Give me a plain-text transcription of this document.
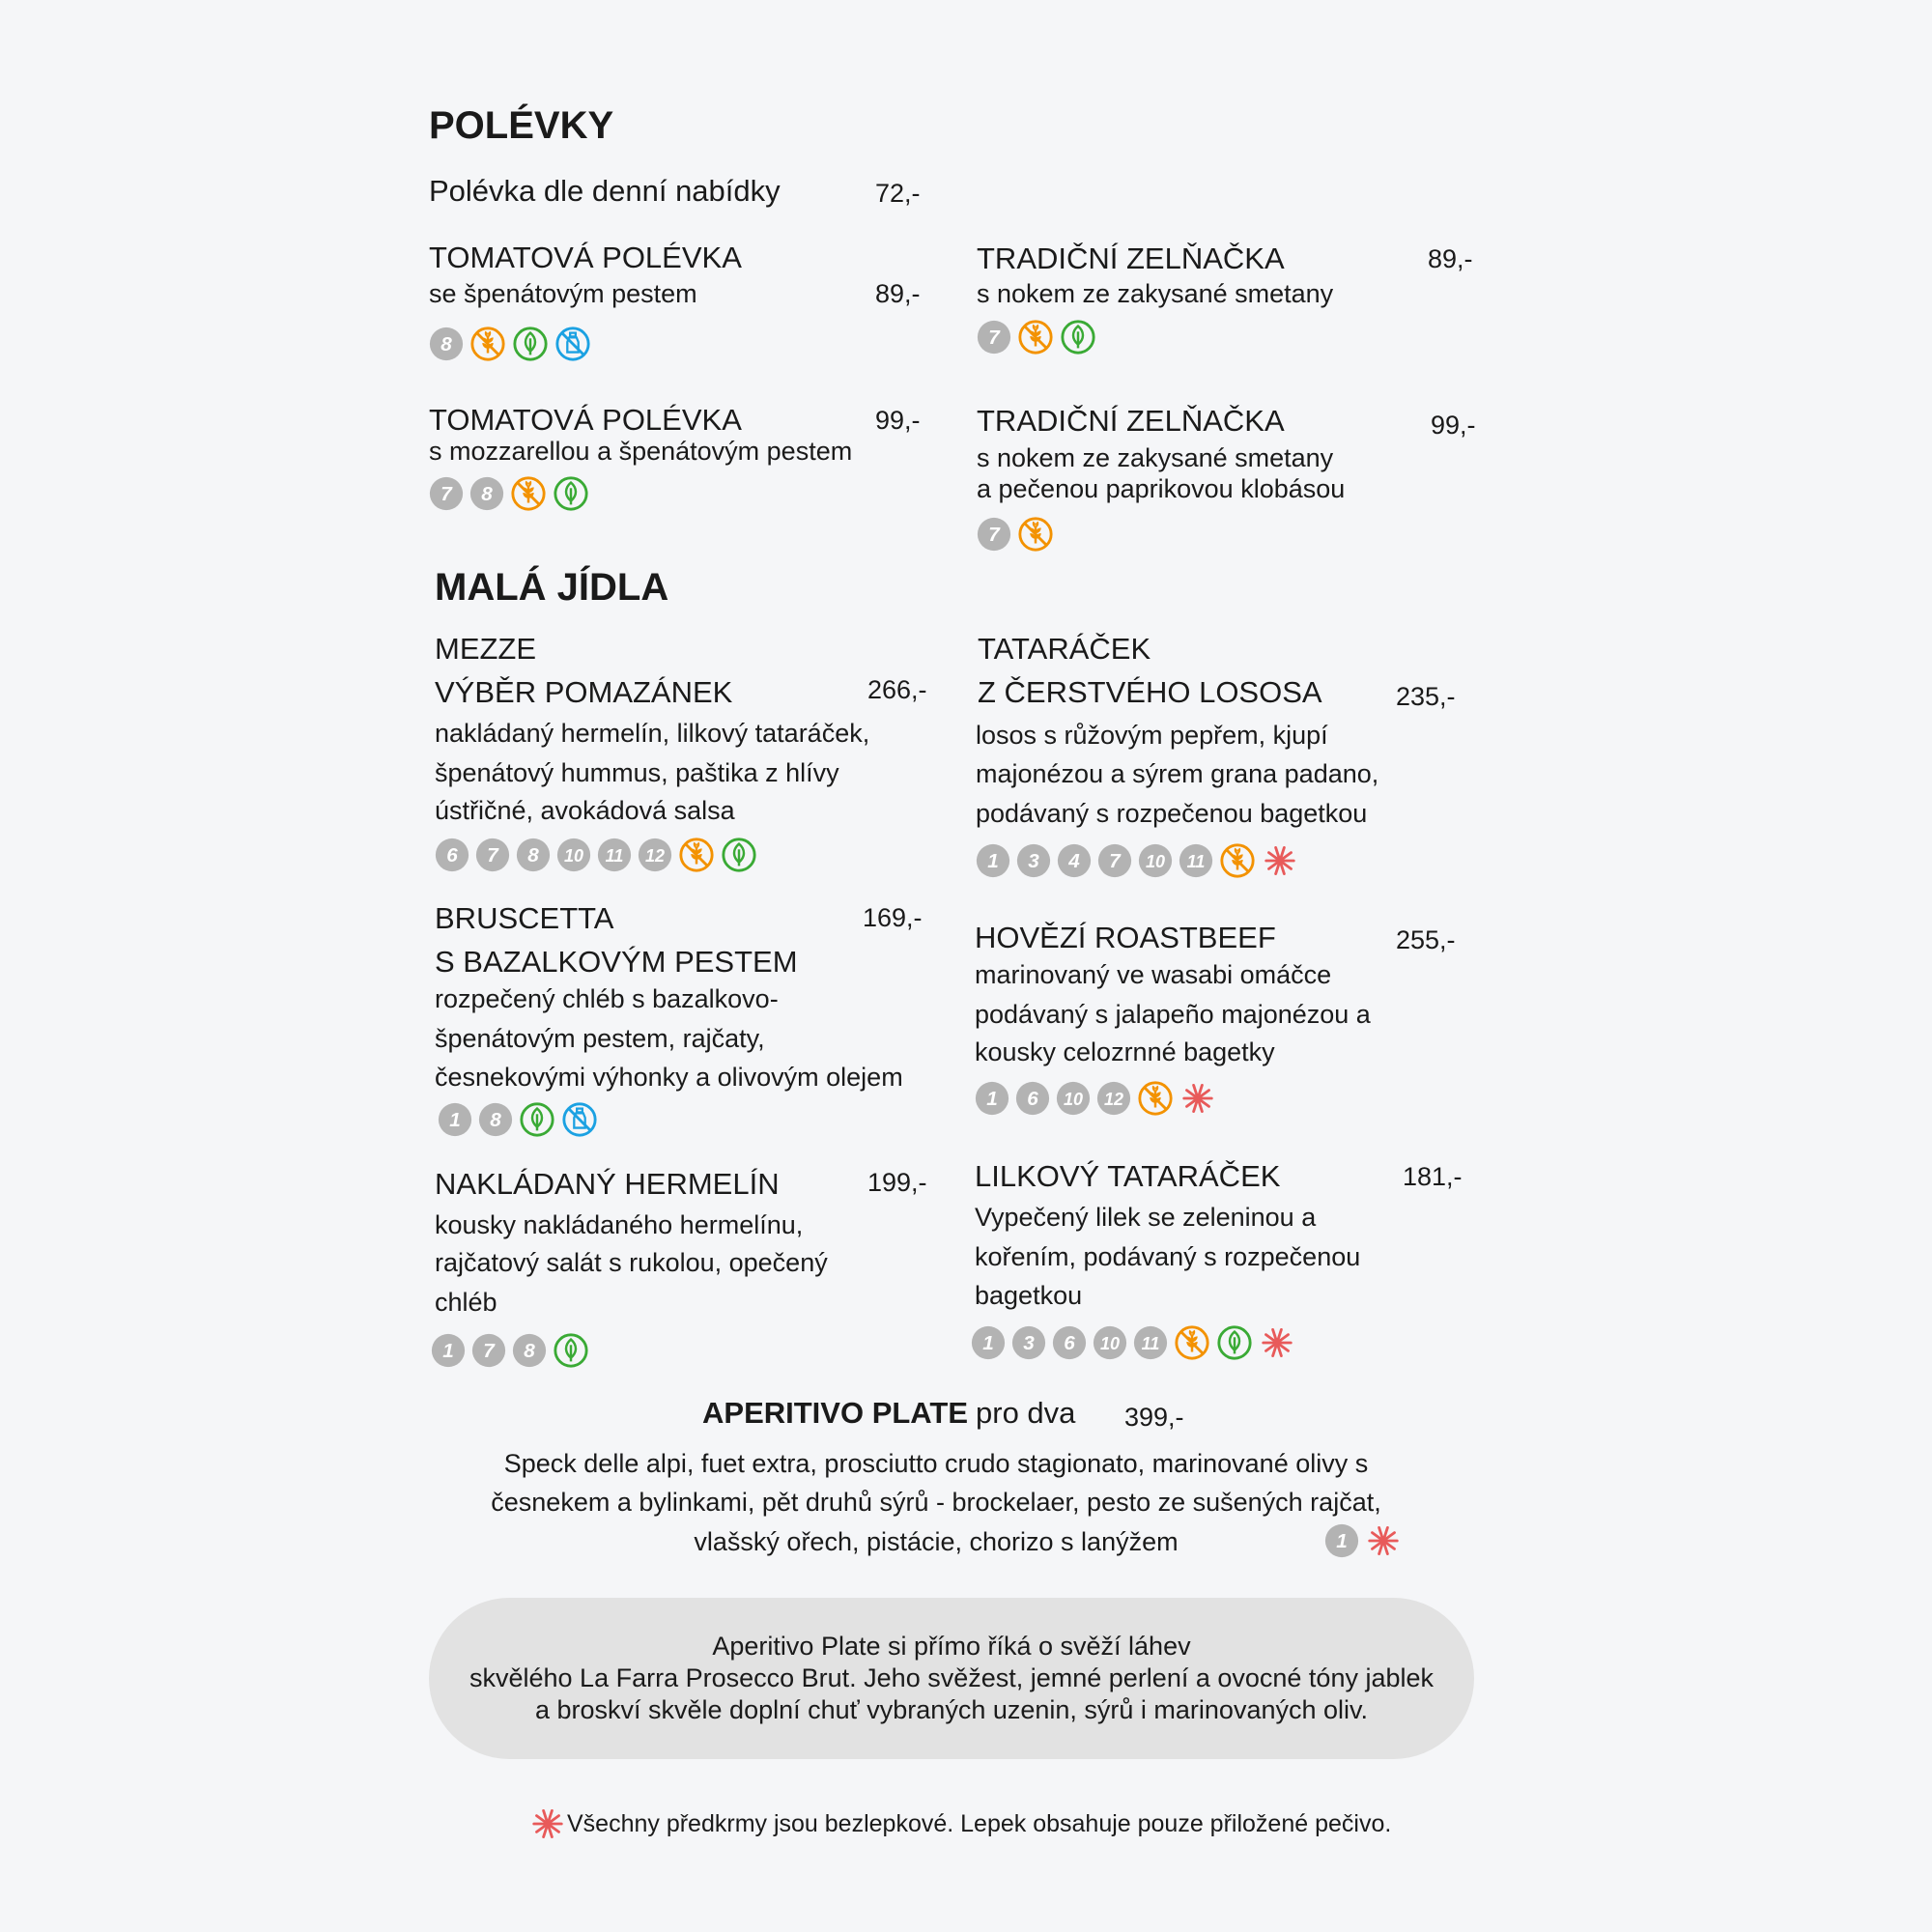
POLÉVKY
Polévka dle denní nabídky	72,-
TOMATOVÁ POLÉVKA
se špenátovým pestem	89,-
8
TRADIČNÍ ZELŇAČKA
s nokem ze zakysané smetany
89,-
7
TOMATOVÁ POLÉVKA
s mozzarellou a špenátovým pestem
99,-
7 8
TRADIČNÍ ZELŇAČKA
s nokem ze zakysané smetany
a pečenou paprikovou klobásou
99,-
7
MALÁ JÍDLA
MEZZE
VÝBĚR POMAZÁNEK	266,-
nakládaný hermelín, lilkový tataráček,
špenátový hummus, paštika z hlívy
ústřičné, avokádová salsa
6 7 8 10 11 12
TATARÁČEK
Z ČERSTVÉHO LOSOSA	235,-
losos s růžovým pepřem, kjupí
majonézou a sýrem grana padano,
podávaný s rozpečenou bagetkou
1 3 4 7 10 11
BRUSCETTA
S BAZALKOVÝM PESTEM
169,-
rozpečený chléb s bazalkovo-
špenátovým pestem, rajčaty,
česnekovými výhonky a olivovým olejem
1 8
HOVĚZÍ ROASTBEEF	255,-
marinovaný ve wasabi omáčce
podávaný s jalapeño majonézou a
kousky celozrnné bagetky
1 6 10 12
NAKLÁDANÝ HERMELÍN	199,-
kousky nakládaného hermelínu,
rajčatový salát s rukolou, opečený
chléb
1 7 8
LILKOVÝ TATARÁČEK	181,-
Vypečený lilek se zeleninou a
kořením, podávaný s rozpečenou
bagetkou
1 3 6 10 11
APERITIVO PLATE pro dva 399,-
Speck delle alpi, fuet extra, prosciutto crudo stagionato, marinované olivy s
česnekem a bylinkami, pět druhů sýrů - brockelaer, pesto ze sušených rajčat,
vlašský ořech, pistácie, chorizo s lanýžem	1
Aperitivo Plate si přímo říká o svěží láhev
skvělého La Farra Prosecco Brut. Jeho svěžest, jemné perlení a ovocné tóny jablek
a broskví skvěle doplní chuť vybraných uzenin, sýrů i marinovaných oliv.
Všechny předkrmy jsou bezlepkové. Lepek obsahuje pouze přiložené pečivo.
